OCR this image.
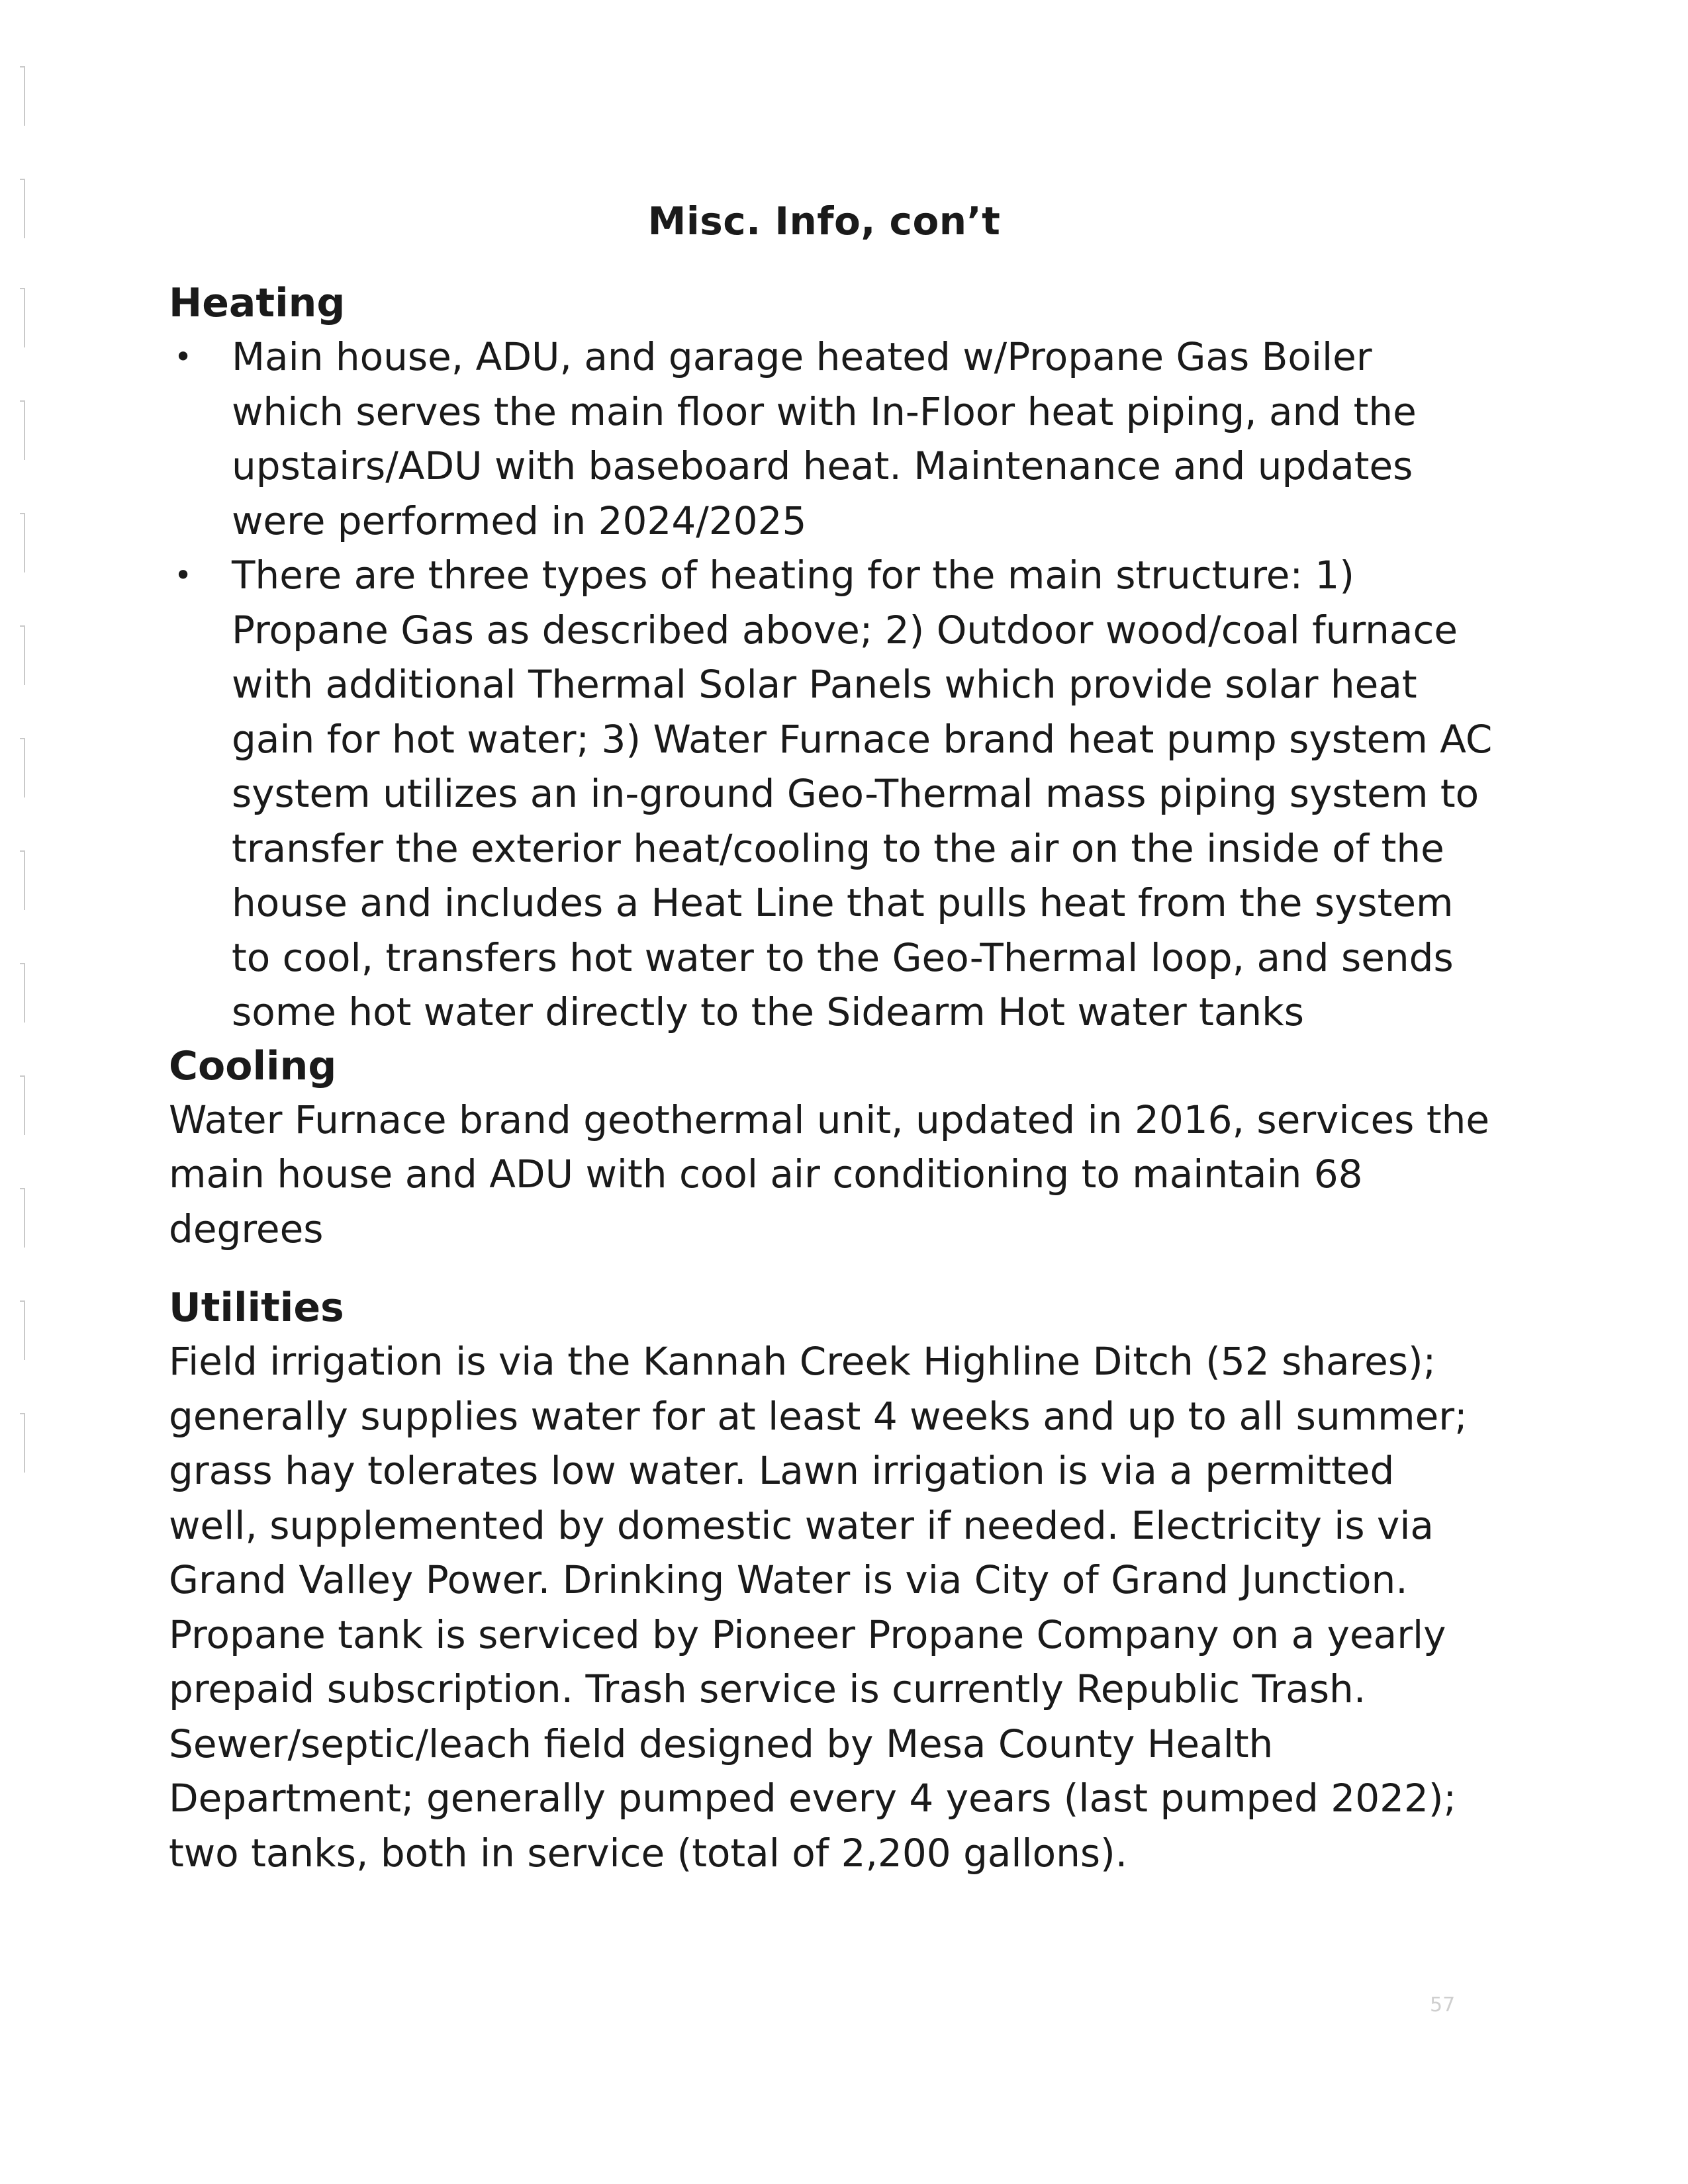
Misc. Info, con’t
Heating
• Main house, ADU, and garage heated w/Propane Gas Boiler which serves the main floor with In-Floor heat piping, and the upstairs/ADU with baseboard heat. Maintenance and updates were performed in 2024/2025
• There are three types of heating for the main structure: 1) Propane Gas as described above; 2) Outdoor wood/coal furnace with additional Thermal Solar Panels which provide solar heat gain for hot water; 3) Water Furnace brand heat pump system AC system utilizes an in-ground Geo-Thermal mass piping system to transfer the exterior heat/cooling to the air on the inside of the house and includes a Heat Line that pulls heat from the system to cool, transfers hot water to the Geo-Thermal loop, and sends some hot water directly to the Sidearm Hot water tanks
Cooling

Water Furnace brand geothermal unit, updated in 2016, services the main house and ADU with cool air conditioning to maintain 68 degrees

Utilities

Field irrigation is via the Kannah Creek Highline Ditch (52 shares); generally supplies water for at least 4 weeks and up to all summer; grass hay tolerates low water. Lawn irrigation is via a permitted well, supplemented by domestic water if needed. Electricity is via Grand Valley Power. Drinking Water is via City of Grand Junction. Propane tank is serviced by Pioneer Propane Company on a yearly prepaid subscription. Trash service is currently Republic Trash. Sewer/septic/leach field designed by Mesa County Health Department; generally pumped every 4 years (last pumped 2022); two tanks, both in service (total of 2,200 gallons).

57
